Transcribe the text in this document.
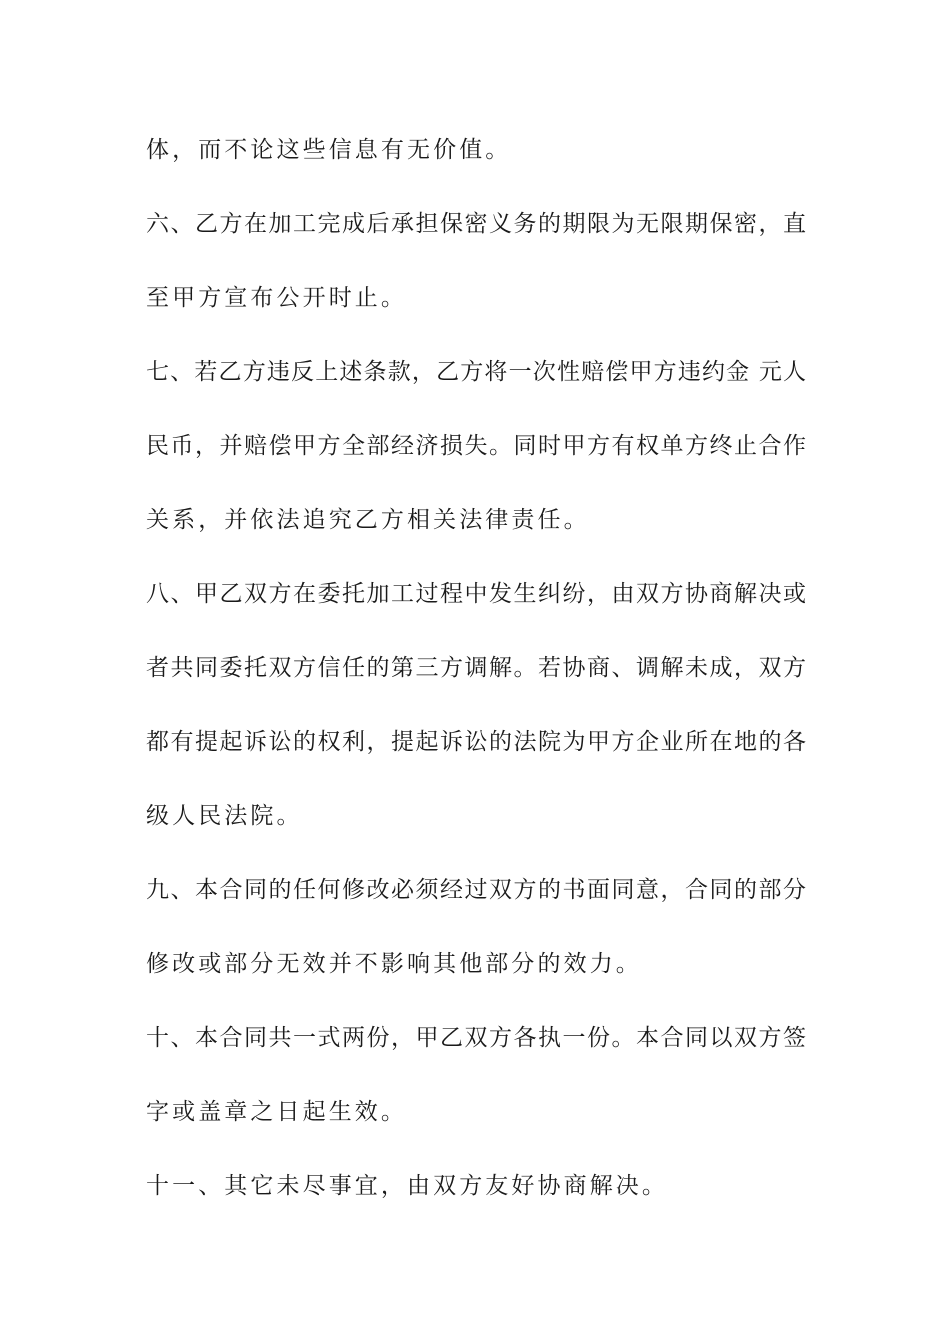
体，而不论这些信息有无价值。
六、乙方在加工完成后承担保密义务的期限为无限期保密，直
至甲方宣布公开时止。
七、若乙方违反上述条款，乙方将一次性赔偿甲方违约金 元人
民币，并赔偿甲方全部经济损失。同时甲方有权单方终止合作
关系，并依法追究乙方相关法律责任。
八、甲乙双方在委托加工过程中发生纠纷，由双方协商解决或
者共同委托双方信任的第三方调解。若协商、调解未成，双方
都有提起诉讼的权利，提起诉讼的法院为甲方企业所在地的各
级人民法院。
九、本合同的任何修改必须经过双方的书面同意，合同的部分
修改或部分无效并不影响其他部分的效力。
十、本合同共一式两份，甲乙双方各执一份。本合同以双方签
字或盖章之日起生效。
十一、其它未尽事宜，由双方友好协商解决。
